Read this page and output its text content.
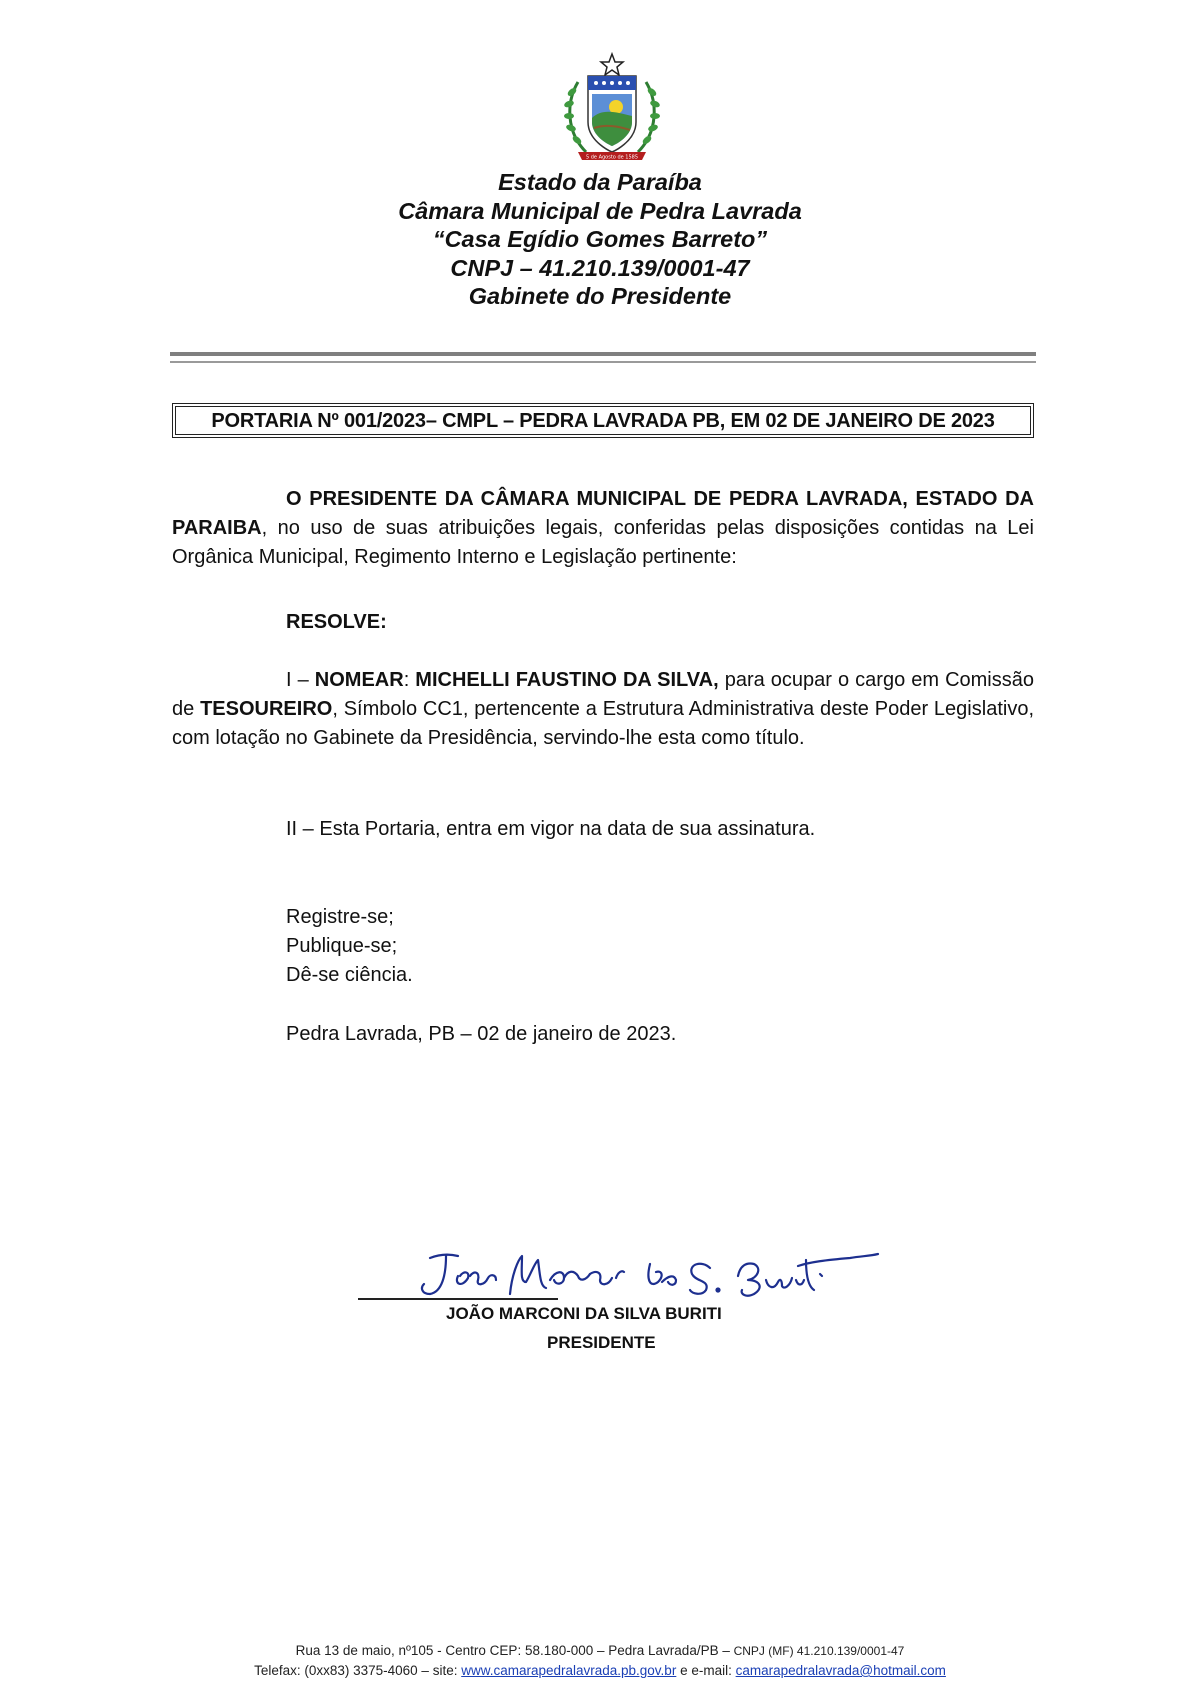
5 de Agosto de 1585
Estado da Paraíba
Câmara Municipal de Pedra Lavrada
“Casa Egídio Gomes Barreto”
CNPJ – 41.210.139/0001-47
Gabinete do Presidente
PORTARIA Nº 001/2023– CMPL – PEDRA LAVRADA PB, EM 02 DE JANEIRO DE 2023

O PRESIDENTE DA CÂMARA MUNICIPAL DE PEDRA LAVRADA, ESTADO DA PARAIBA, no uso de suas atribuições legais, conferidas pelas disposições contidas na Lei Orgânica Municipal, Regimento Interno e Legislação pertinente:

RESOLVE:

I – NOMEAR: MICHELLI FAUSTINO DA SILVA, para ocupar o cargo em Comissão de TESOUREIRO, Símbolo CC1, pertencente a Estrutura Administrativa deste Poder Legislativo, com lotação no Gabinete da Presidência, servindo-lhe esta como título.

II – Esta Portaria, entra em vigor na data de sua assinatura.
Registre-se;
Publique-se;
Dê-se ciência.
Pedra Lavrada, PB – 02 de janeiro de 2023.
JOÃO MARCONI DA SILVA BURITI
PRESIDENTE
Rua 13 de maio, nº105 - Centro CEP: 58.180-000 – Pedra Lavrada/PB – CNPJ (MF) 41.210.139/0001-47
Telefax: (0xx83) 3375-4060 – site: www.camarapedralavrada.pb.gov.br e e-mail: camarapedralavrada@hotmail.com
